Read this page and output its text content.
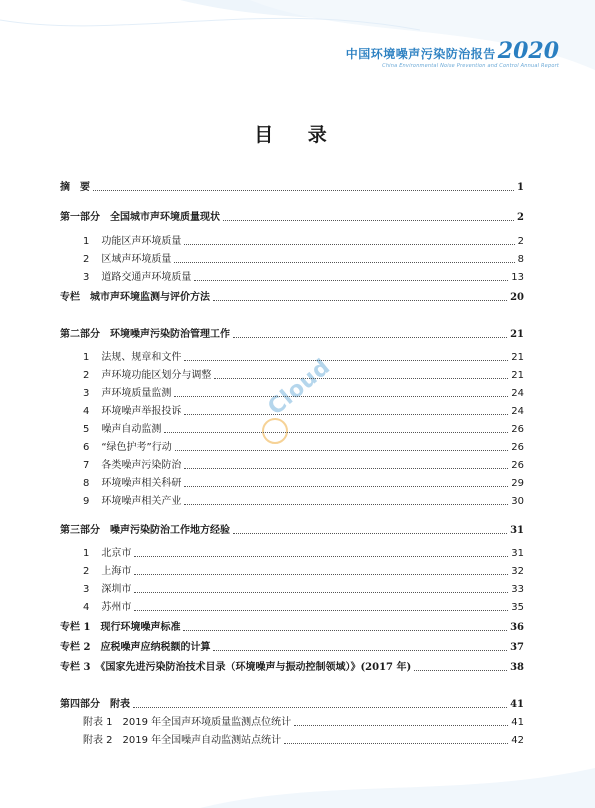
中国环境噪声污染防治报告 2020
China Environmental Noise Prevention and Control Annual Report
目 录
Cloud
摘　要	1
第一部分　全国城市声环境质量现状	2
1 功能区声环境质量	2
2 区域声环境质量	8
3 道路交通声环境质量	13
专栏　城市声环境监测与评价方法	20
第二部分　环境噪声污染防治管理工作	21
1 法规、规章和文件	21
2 声环境功能区划分与调整	21
3 声环境质量监测	24
4 环境噪声举报投诉	24
5 噪声自动监测	26
6 “绿色护考”行动	26
7 各类噪声污染防治	26
8 环境噪声相关科研	29
9 环境噪声相关产业	30
第三部分　噪声污染防治工作地方经验	31
1 北京市	31
2 上海市	32
3 深圳市	33
4 苏州市	35
专栏 1　现行环境噪声标准	36
专栏 2　应税噪声应纳税额的计算	37
专栏 3　《国家先进污染防治技术目录（环境噪声与振动控制领域）》(2017 年)	38
第四部分　附表	41
附表 1　2019 年全国声环境质量监测点位统计	41
附表 2　2019 年全国噪声自动监测站点统计	42
